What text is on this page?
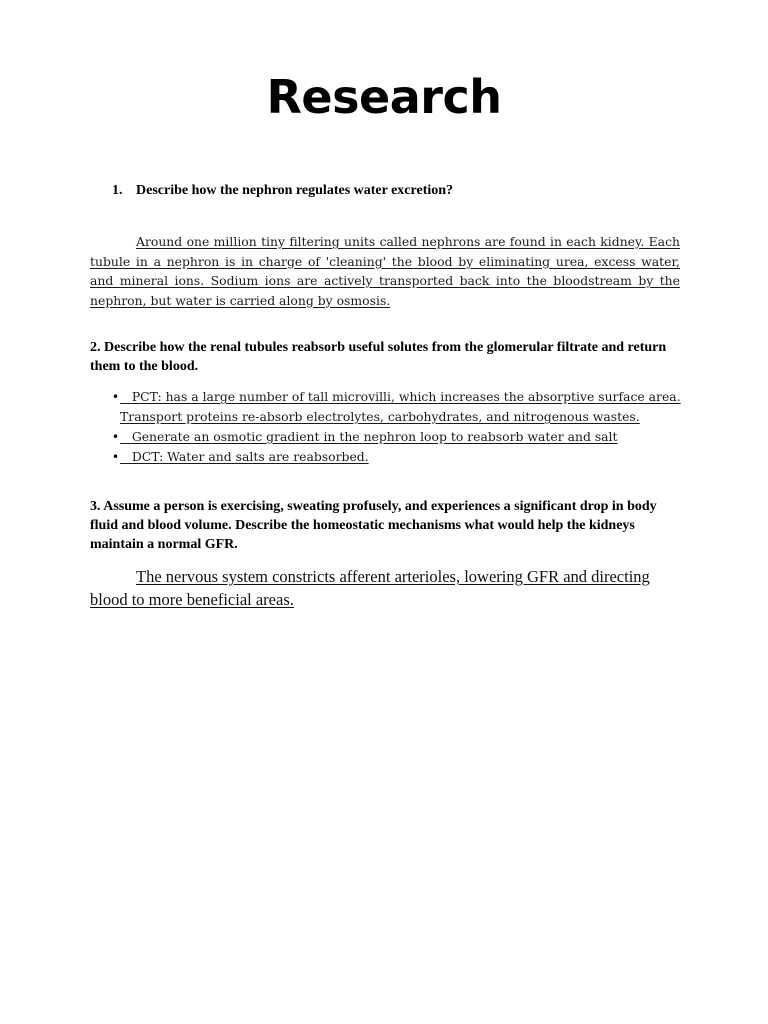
Research
1. Describe how the nephron regulates water excretion?

Around one million tiny filtering units called nephrons are found in each kidney. Each tubule in a nephron is in charge of 'cleaning' the blood by eliminating urea, excess water, and mineral ions. Sodium ions are actively transported back into the bloodstream by the nephron, but water is carried along by osmosis.

2. Describe how the renal tubules reabsorb useful solutes from the glomerular filtrate and return them to the blood.

• PCT: has a large number of tall microvilli, which increases the absorptive surface area. Transport proteins re-absorb electrolytes, carbohydrates, and nitrogenous wastes.
• Generate an osmotic gradient in the nephron loop to reabsorb water and salt
• DCT: Water and salts are reabsorbed.

3. Assume a person is exercising, sweating profusely, and experiences a significant drop in body fluid and blood volume. Describe the homeostatic mechanisms what would help the kidneys maintain a normal GFR.

The nervous system constricts afferent arterioles, lowering GFR and directing blood to more beneficial areas.
